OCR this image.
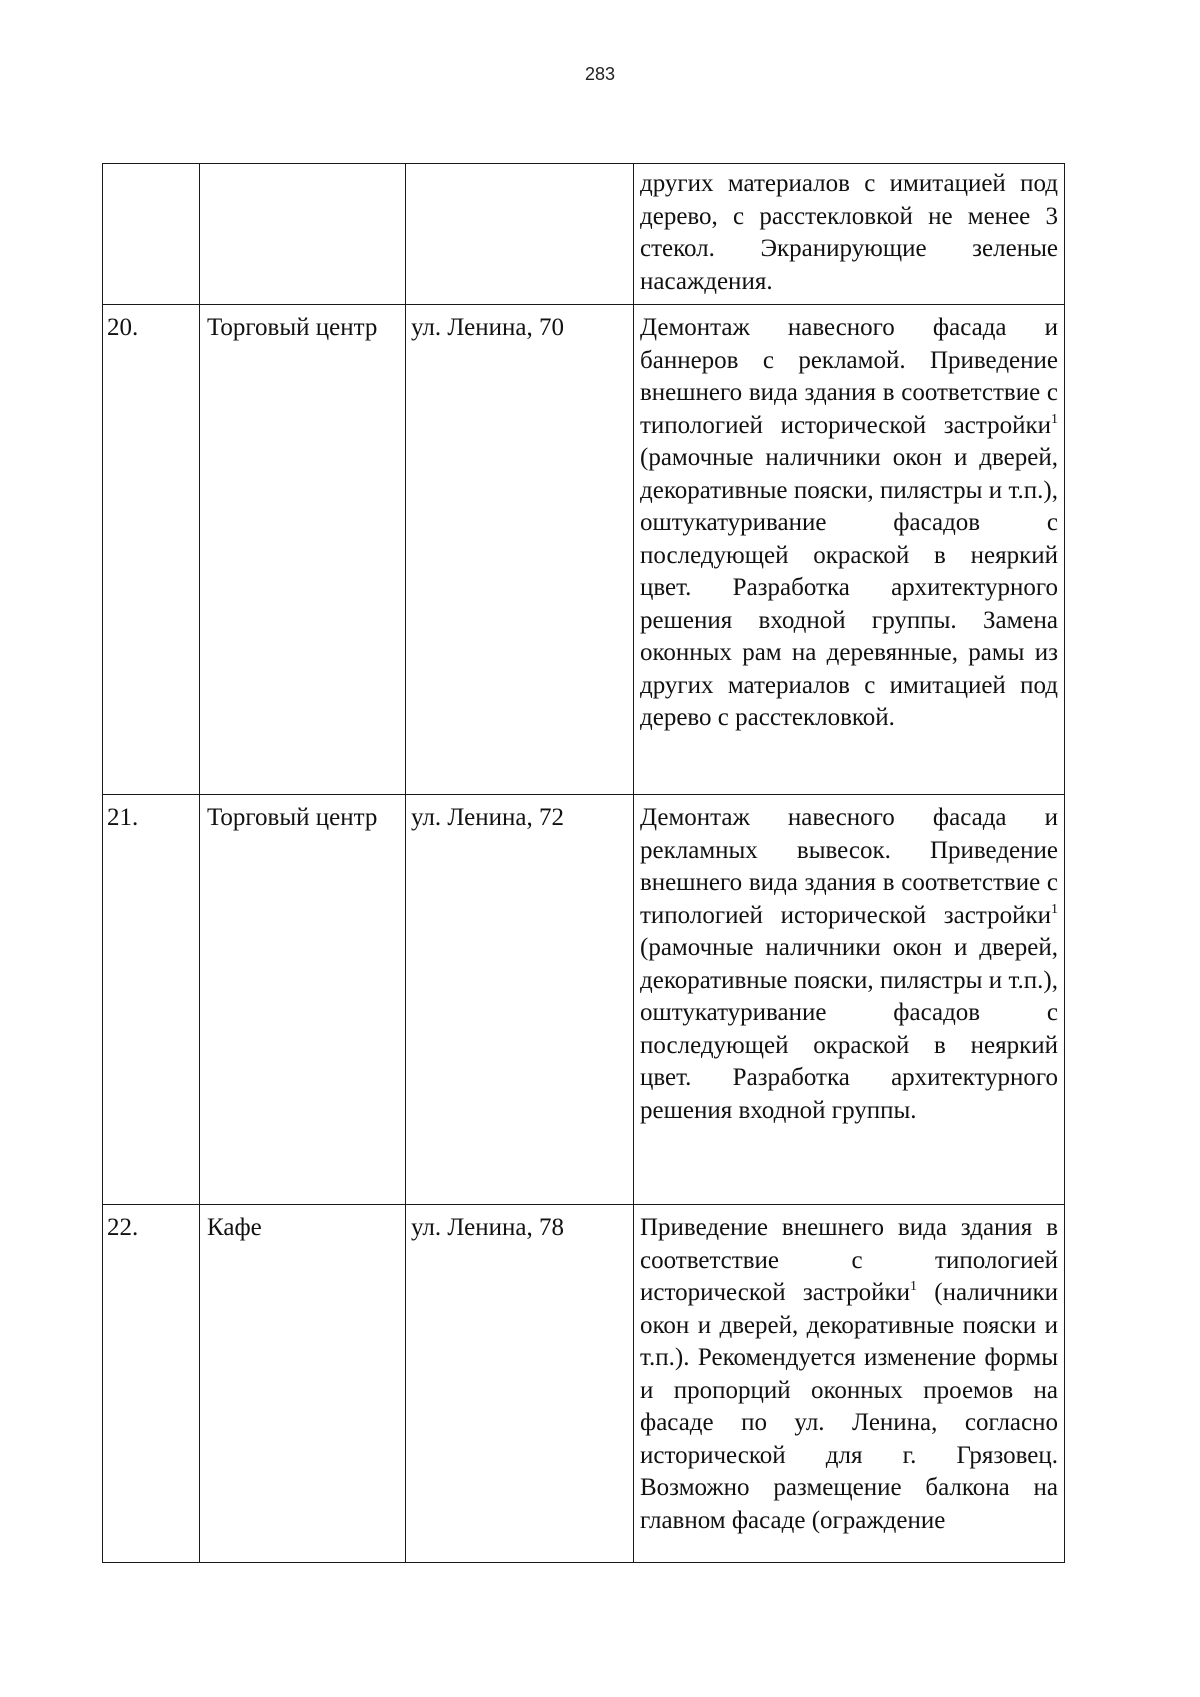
283
			других материалов с имитацией под дерево, с расстекловкой не менее 3 стекол. Экранирующие зеленые насаждения.
20.	Торговый центр	ул. Ленина, 70	Демонтаж навесного фасада и баннеров с рекламой. Приведение внешнего вида здания в соответствие с типологией исторической застройки$^1$ (рамочные наличники окон и дверей, декоративные пояски, пилястры и т.п.), оштукатуривание фасадов с последующей окраской в неяркий цвет. Разработка архитектурного решения входной группы. Замена оконных рам на деревянные, рамы из других материалов с имитацией под дерево с расстекловкой.
21.	Торговый центр	ул. Ленина, 72	Демонтаж навесного фасада и рекламных вывесок. Приведение внешнего вида здания в соответствие с типологией исторической застройки$^1$ (рамочные наличники окон и дверей, декоративные пояски, пилястры и т.п.), оштукатуривание фасадов с последующей окраской в неяркий цвет. Разработка архитектурного решения входной группы.
22.	Кафе	ул. Ленина, 78	Приведение внешнего вида здания в соответствие с типологией исторической застройки$^1$ (наличники окон и дверей, декоративные пояски и т.п.). Рекомендуется изменение формы и пропорций оконных проемов на фасаде по ул. Ленина, согласно исторической для г. Грязовец. Возможно размещение балкона на главном фасаде (ограждение
